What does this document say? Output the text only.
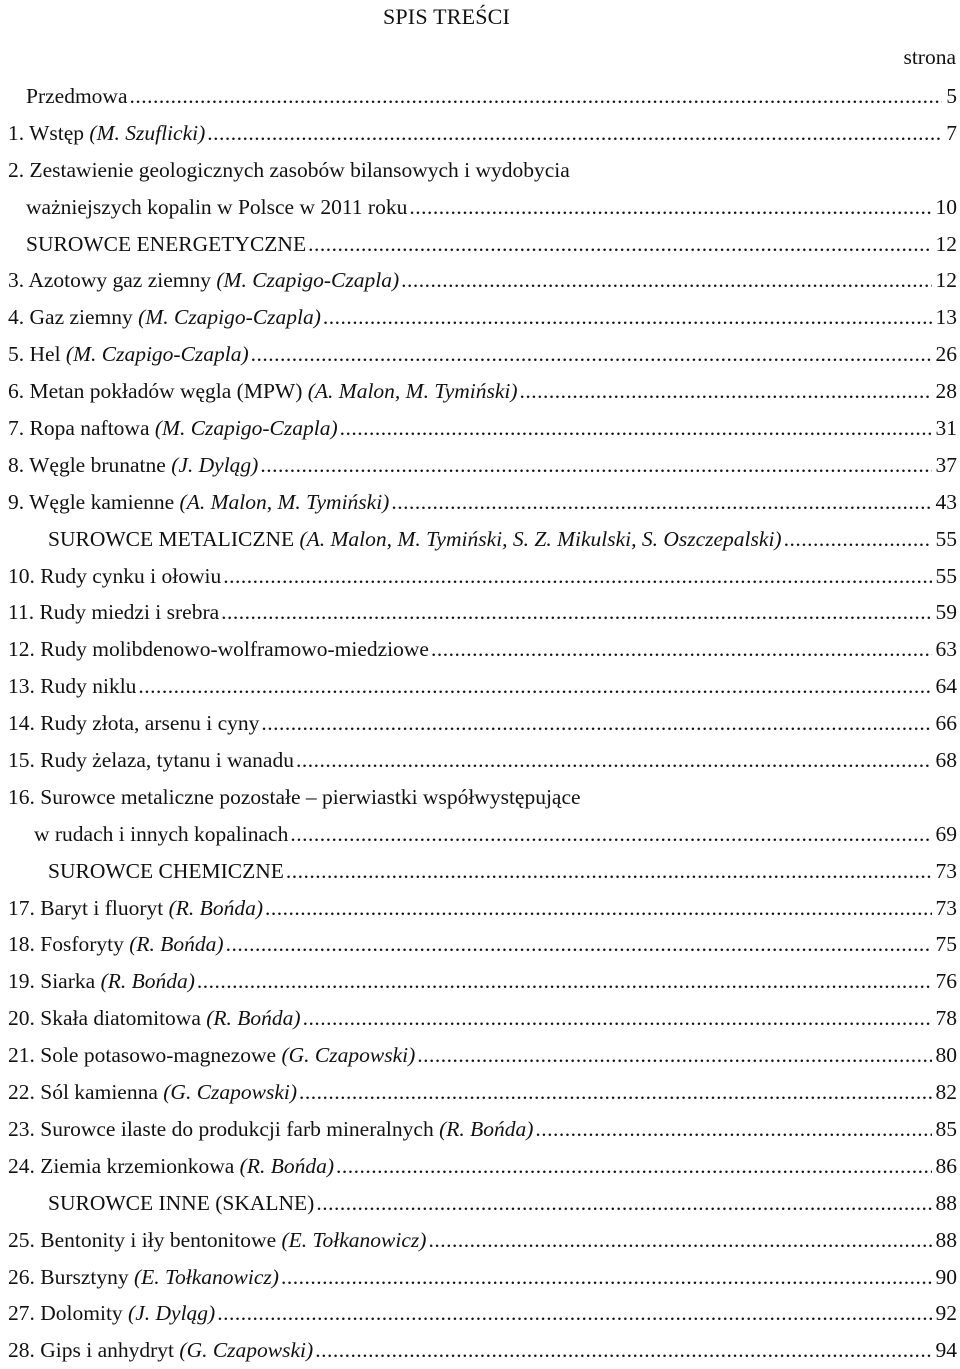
SPIS TREŚCI
strona
Przedmowa .....	5
1. Wstęp (M. Szuflicki) .....	7
2. Zestawienie geologicznych zasobów bilansowych i wydobycia
ważniejszych kopalin w Polsce w 2011 roku .....	10
SUROWCE ENERGETYCZNE .....	12
3. Azotowy gaz ziemny (M. Czapigo-Czapla) .....	12
4. Gaz ziemny (M. Czapigo-Czapla) .....	13
5. Hel (M. Czapigo-Czapla) .....	26
6. Metan pokładów węgla (MPW) (A. Malon, M. Tymiński) .....	28
7. Ropa naftowa (M. Czapigo-Czapla) .....	31
8. Węgle brunatne (J. Dyląg) .....	37
9. Węgle kamienne (A. Malon, M. Tymiński) .....	43
SUROWCE METALICZNE (A. Malon, M. Tymiński, S. Z. Mikulski, S. Oszczepalski) .....	55
10. Rudy cynku i ołowiu .....	55
11. Rudy miedzi i srebra .....	59
12. Rudy molibdenowo-wolframowo-miedziowe .....	63
13. Rudy niklu .....	64
14. Rudy złota, arsenu i cyny .....	66
15. Rudy żelaza, tytanu i wanadu .....	68
16. Surowce metaliczne pozostałe – pierwiastki współwystępujące
w rudach i innych kopalinach .....	69
SUROWCE CHEMICZNE .....	73
17. Baryt i fluoryt (R. Bońda) .....	73
18. Fosforyty (R. Bońda) .....	75
19. Siarka (R. Bońda) .....	76
20. Skała diatomitowa (R. Bońda) .....	78
21. Sole potasowo-magnezowe (G. Czapowski) .....	80
22. Sól kamienna (G. Czapowski) .....	82
23. Surowce ilaste do produkcji farb mineralnych (R. Bońda) .....	85
24. Ziemia krzemionkowa (R. Bońda) .....	86
SUROWCE INNE (SKALNE) .....	88
25. Bentonity i iły bentonitowe (E. Tołkanowicz) .....	88
26. Bursztyny (E. Tołkanowicz) .....	90
27. Dolomity (J. Dyląg) .....	92
28. Gips i anhydryt (G. Czapowski) .....	94
